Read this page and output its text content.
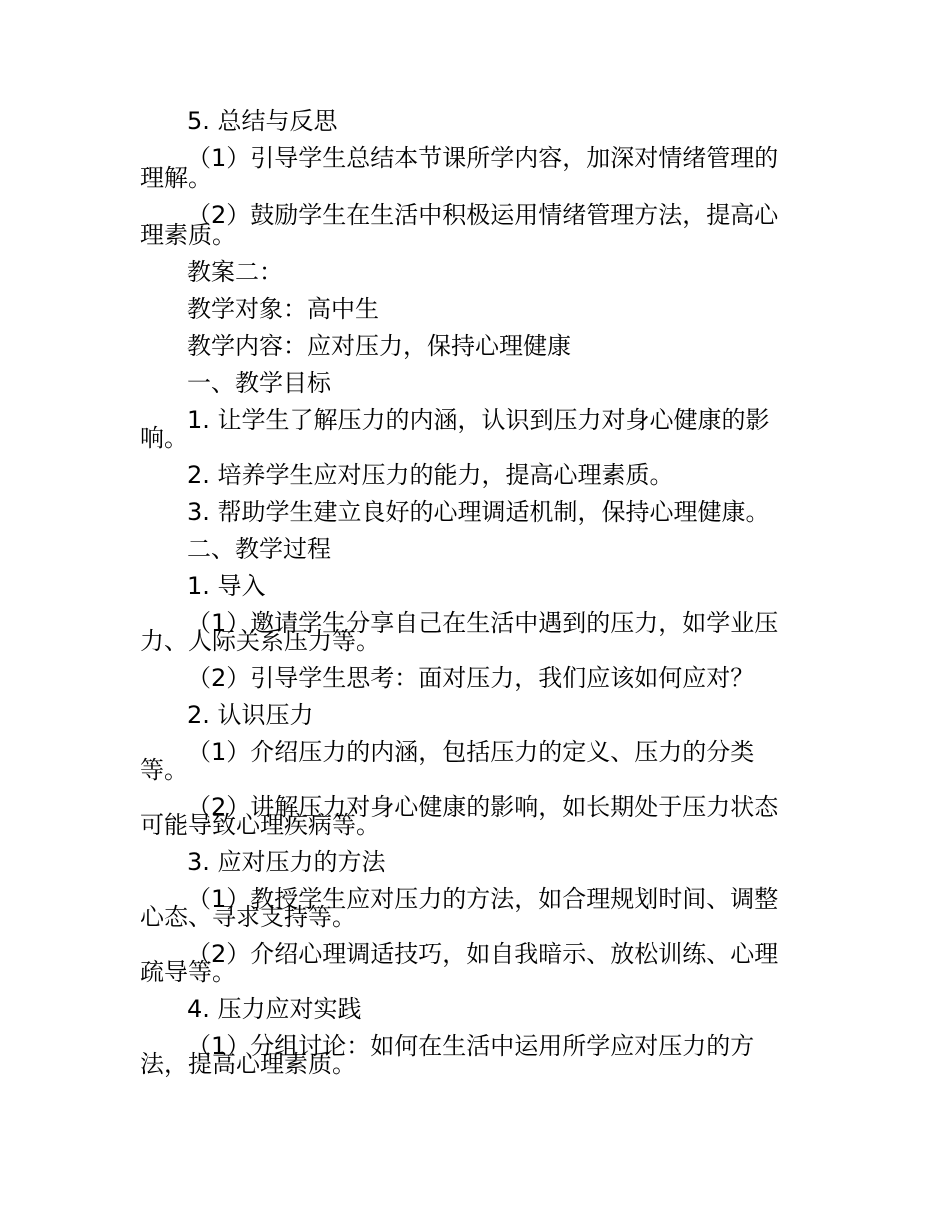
5. 总结与反思
（1）引导学生总结本节课所学内容，加深对情绪管理的
理解。
（2）鼓励学生在生活中积极运用情绪管理方法，提高心
理素质。
教案二：
教学对象：高中生
教学内容：应对压力，保持心理健康
一、教学目标
1. 让学生了解压力的内涵，认识到压力对身心健康的影
响。
2. 培养学生应对压力的能力，提高心理素质。
3. 帮助学生建立良好的心理调适机制，保持心理健康。
二、教学过程
1. 导入
（1）邀请学生分享自己在生活中遇到的压力，如学业压
力、人际关系压力等。
（2）引导学生思考：面对压力，我们应该如何应对？
2. 认识压力
（1）介绍压力的内涵，包括压力的定义、压力的分类
等。
（2）讲解压力对身心健康的影响，如长期处于压力状态
可能导致心理疾病等。
3. 应对压力的方法
（1）教授学生应对压力的方法，如合理规划时间、调整
心态、寻求支持等。
（2）介绍心理调适技巧，如自我暗示、放松训练、心理
疏导等。
4. 压力应对实践
（1）分组讨论：如何在生活中运用所学应对压力的方
法，提高心理素质。
